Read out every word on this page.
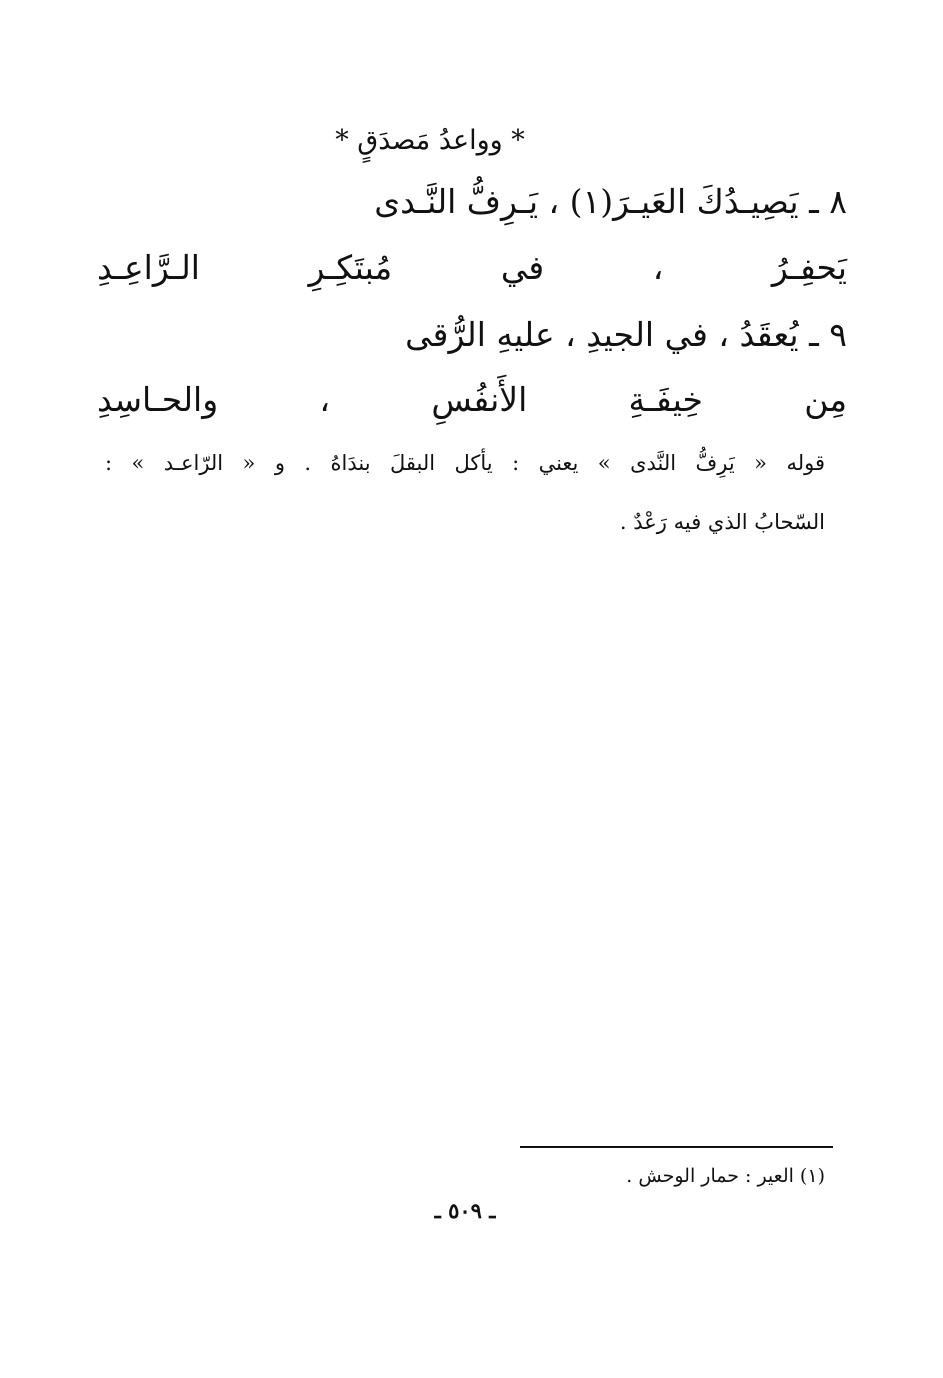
* وواعدُ مَصدَقٍ *
٨ ـ يَصِيـدُكَ العَيـرَ(١) ، يَـرِفُّ النَّـدى
يَحفِـرُ ، في مُبتَكِـرِ الـرَّاعِـدِ
٩ ـ يُعقَدُ ، في الجيدِ ، عليهِ الرُّقى
مِن خِيفَـةِ الأَنفُسِ ، والحـاسِدِ
قوله « يَرِفُّ النَّدى » يعني : يأكل البقلَ بندَاهُ . و « الرّاعـد » :
السّحابُ الذي فيه رَعْدٌ .
(١) العير : حمار الوحش .
ـ ٥٠٩ ـ
